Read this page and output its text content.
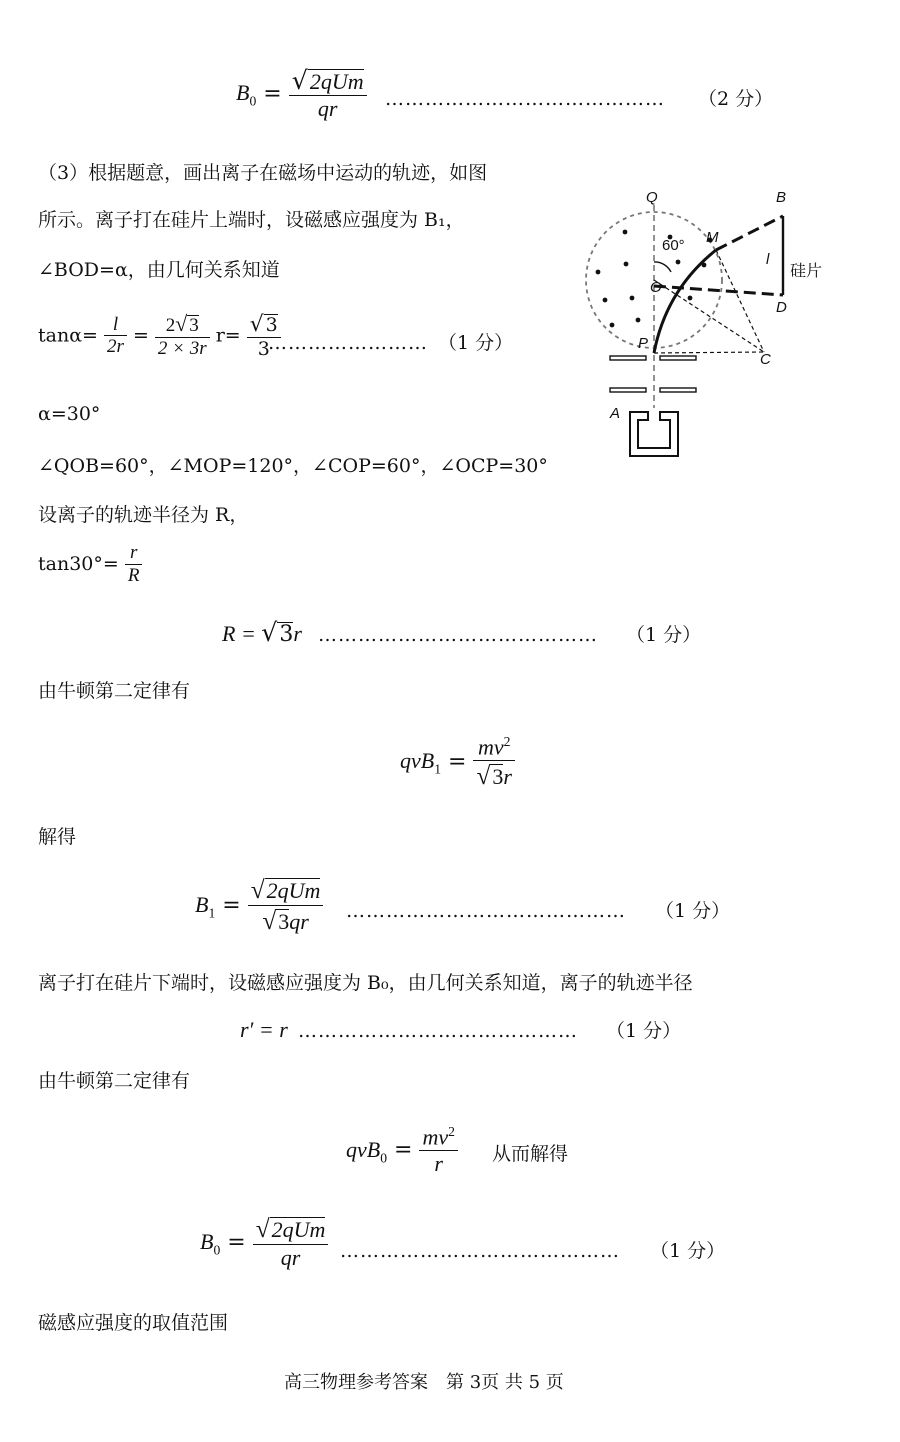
$B_0 = \frac{\text{√2qUm}}{qr}$ …………………………………… （2 分）
（3）根据题意，画出离子在磁场中运动的轨迹，如图
所示。离子打在硅片上端时，设磁感应强度为 B₁，
∠BOD=α，由几何关系知道
$\tan\alpha= \frac{l}{2r} = \frac{2√ 3}{2 \times 3r} r= \frac{√ 3}{3}$
…………………… （1 分）
α=30°
∠QOB=60°，∠MOP=120°，∠COP=60°，∠OCP=30°
设离子的轨迹半径为 R，
$\tan 30^\circ= \frac{r}{R}$
R = √3r …………………………………… （1 分）
由牛顿第二定律有
$qvB_1 = \frac{mv^2}{√3r}$
解得
$B_1 = \frac{\text{√2qUm}}{√3qr}$ …………………………………… （1 分）
离子打在硅片下端时，设磁感应强度为 B₀，由几何关系知道，离子的轨迹半径
r′ = r …………………………………… （1 分）
由牛顿第二定律有
$qvB_0 = \frac{mv^2}{r}$ 从而解得
$B_0 = \frac{\text{√2qUm}}{qr}$ …………………………………… （1 分）
磁感应强度的取值范围
高三物理参考答案　第 3页 共 5 页
Q
M
B
D
O
P
C
A
l
60°
硅片
